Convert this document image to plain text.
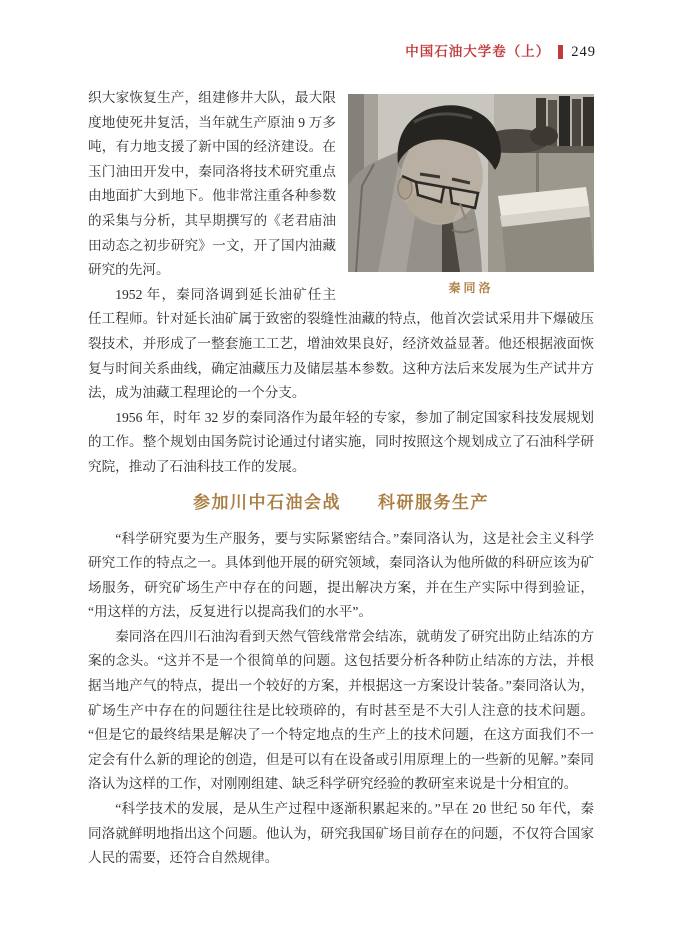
中国石油大学卷（上） 249
秦同洛

织大家恢复生产，组建修井大队，最大限度地使死井复活，当年就生产原油 9 万多吨，有力地支援了新中国的经济建设。在玉门油田开发中，秦同洛将技术研究重点由地面扩大到地下。他非常注重各种参数的采集与分析，其早期撰写的《老君庙油田动态之初步研究》一文，开了国内油藏研究的先河。

1952 年，秦同洛调到延长油矿任主任工程师。针对延长油矿属于致密的裂缝性油藏的特点，他首次尝试采用井下爆破压裂技术，并形成了一整套施工工艺，增油效果良好，经济效益显著。他还根据液面恢复与时间关系曲线，确定油藏压力及储层基本参数。这种方法后来发展为生产试井方法，成为油藏工程理论的一个分支。

1956 年，时年 32 岁的秦同洛作为最年轻的专家，参加了制定国家科技发展规划的工作。整个规划由国务院讨论通过付诸实施，同时按照这个规划成立了石油科学研究院，推动了石油科技工作的发展。

参加川中石油会战　　科研服务生产

“科学研究要为生产服务，要与实际紧密结合。”秦同洛认为，这是社会主义科学研究工作的特点之一。具体到他开展的研究领域，秦同洛认为他所做的科研应该为矿场服务，研究矿场生产中存在的问题，提出解决方案，并在生产实际中得到验证，“用这样的方法，反复进行以提高我们的水平”。

秦同洛在四川石油沟看到天然气管线常常会结冻，就萌发了研究出防止结冻的方案的念头。“这并不是一个很简单的问题。这包括要分析各种防止结冻的方法，并根据当地产气的特点，提出一个较好的方案，并根据这一方案设计装备。”秦同洛认为，矿场生产中存在的问题往往是比较琐碎的，有时甚至是不大引人注意的技术问题。“但是它的最终结果是解决了一个特定地点的生产上的技术问题，在这方面我们不一定会有什么新的理论的创造，但是可以有在设备或引用原理上的一些新的见解。”秦同洛认为这样的工作，对刚刚组建、缺乏科学研究经验的教研室来说是十分相宜的。

“科学技术的发展，是从生产过程中逐渐积累起来的。”早在 20 世纪 50 年代，秦同洛就鲜明地指出这个问题。他认为，研究我国矿场目前存在的问题，不仅符合国家人民的需要，还符合自然规律。
